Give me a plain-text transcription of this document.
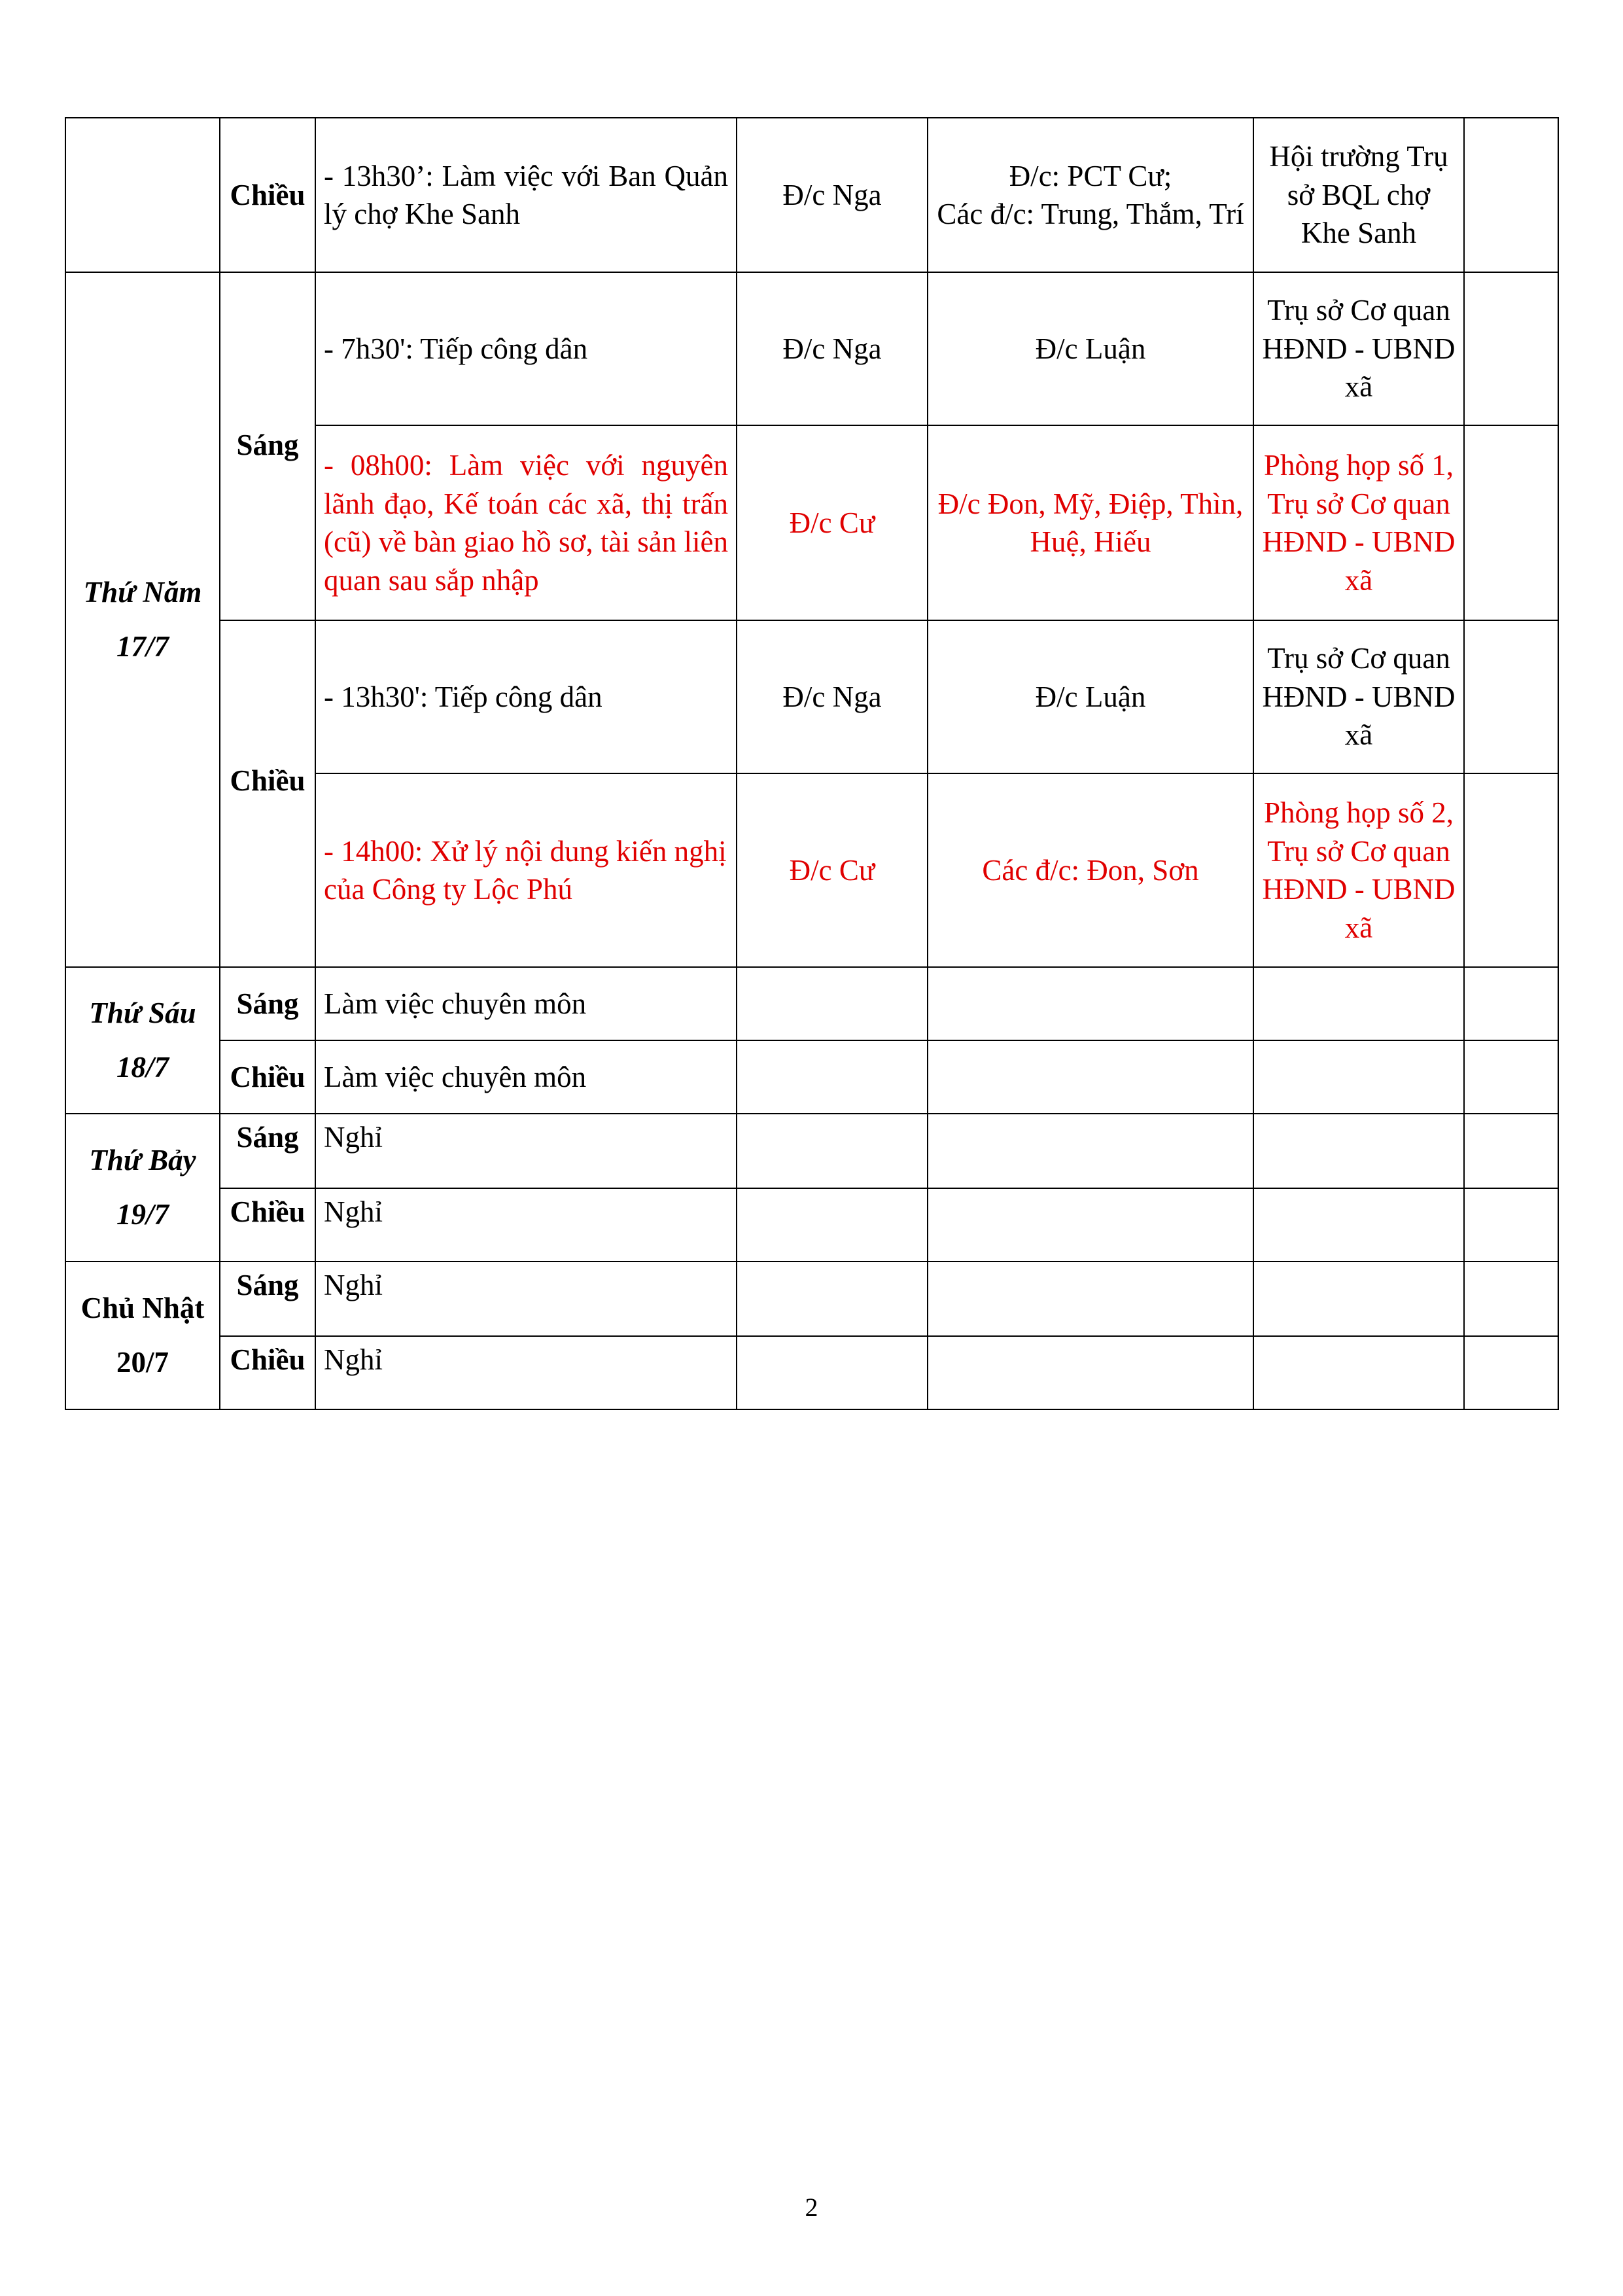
	Chiều	- 13h30’: Làm việc với Ban Quản lý chợ Khe Sanh	Đ/c Nga	Đ/c: PCT Cư;
Các đ/c: Trung, Thắm, Trí	Hội trường Trụ sở BQL chợ Khe Sanh	

Thứ Năm
17/7	Sáng	- 7h30': Tiếp công dân	Đ/c Nga	Đ/c Luận	Trụ sở Cơ quan HĐND - UBND xã	
		- 08h00: Làm việc với nguyên lãnh đạo, Kế toán các xã, thị trấn (cũ) về bàn giao hồ sơ, tài sản liên quan sau sắp nhập	Đ/c Cư	Đ/c Đon, Mỹ, Điệp, Thìn, Huệ, Hiếu	Phòng họp số 1, Trụ sở Cơ quan HĐND - UBND xã	

	Chiều	- 13h30': Tiếp công dân	Đ/c Nga	Đ/c Luận	Trụ sở Cơ quan HĐND - UBND xã	
		- 14h00: Xử lý nội dung kiến nghị của Công ty Lộc Phú	Đ/c Cư	Các đ/c: Đon, Sơn	Phòng họp số 2, Trụ sở Cơ quan HĐND - UBND xã	

Thứ Sáu
18/7	Sáng	Làm việc chuyên môn				
	Chiều	Làm việc chuyên môn				

Thứ Bảy
19/7	Sáng	Nghỉ				
	Chiều	Nghỉ				

Chủ Nhật
20/7	Sáng	Nghỉ				
	Chiều	Nghỉ				
2
